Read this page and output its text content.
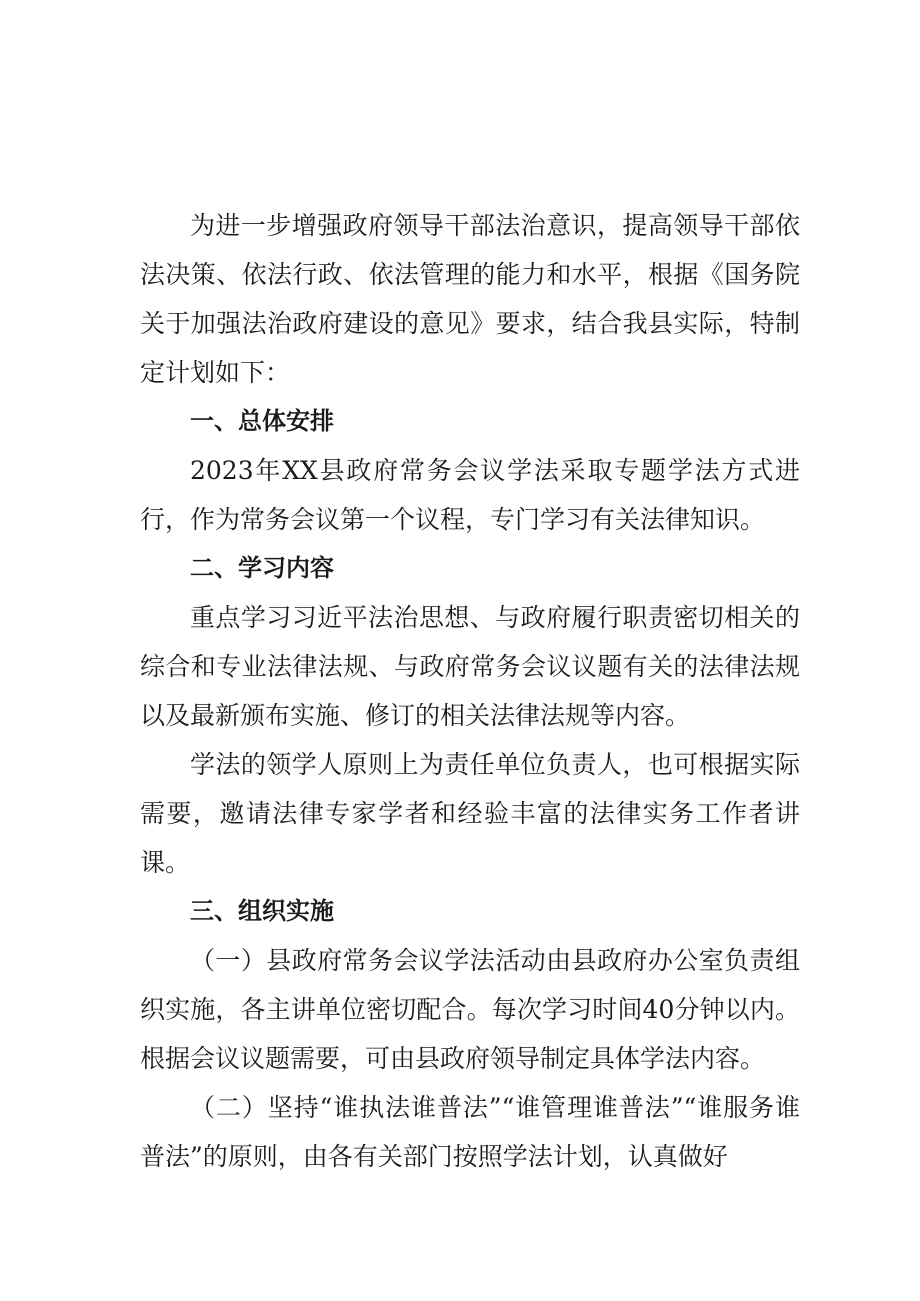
为进一步增强政府领导干部法治意识，提高领导干部依法决策、依法行政、依法管理的能力和水平，根据《国务院关于加强法治政府建设的意见》要求，结合我县实际，特制定计划如下：

一、总体安排

2023年XX县政府常务会议学法采取专题学法方式进行，作为常务会议第一个议程，专门学习有关法律知识。

二、学习内容

重点学习习近平法治思想、与政府履行职责密切相关的综合和专业法律法规、与政府常务会议议题有关的法律法规以及最新颁布实施、修订的相关法律法规等内容。

学法的领学人原则上为责任单位负责人，也可根据实际需要，邀请法律专家学者和经验丰富的法律实务工作者讲课。

三、组织实施

（一）县政府常务会议学法活动由县政府办公室负责组织实施，各主讲单位密切配合。每次学习时间40分钟以内。根据会议议题需要，可由县政府领导制定具体学法内容。

（二）坚持“谁执法谁普法”“谁管理谁普法”“谁服务谁普法”的原则，由各有关部门按照学法计划，认真做好
